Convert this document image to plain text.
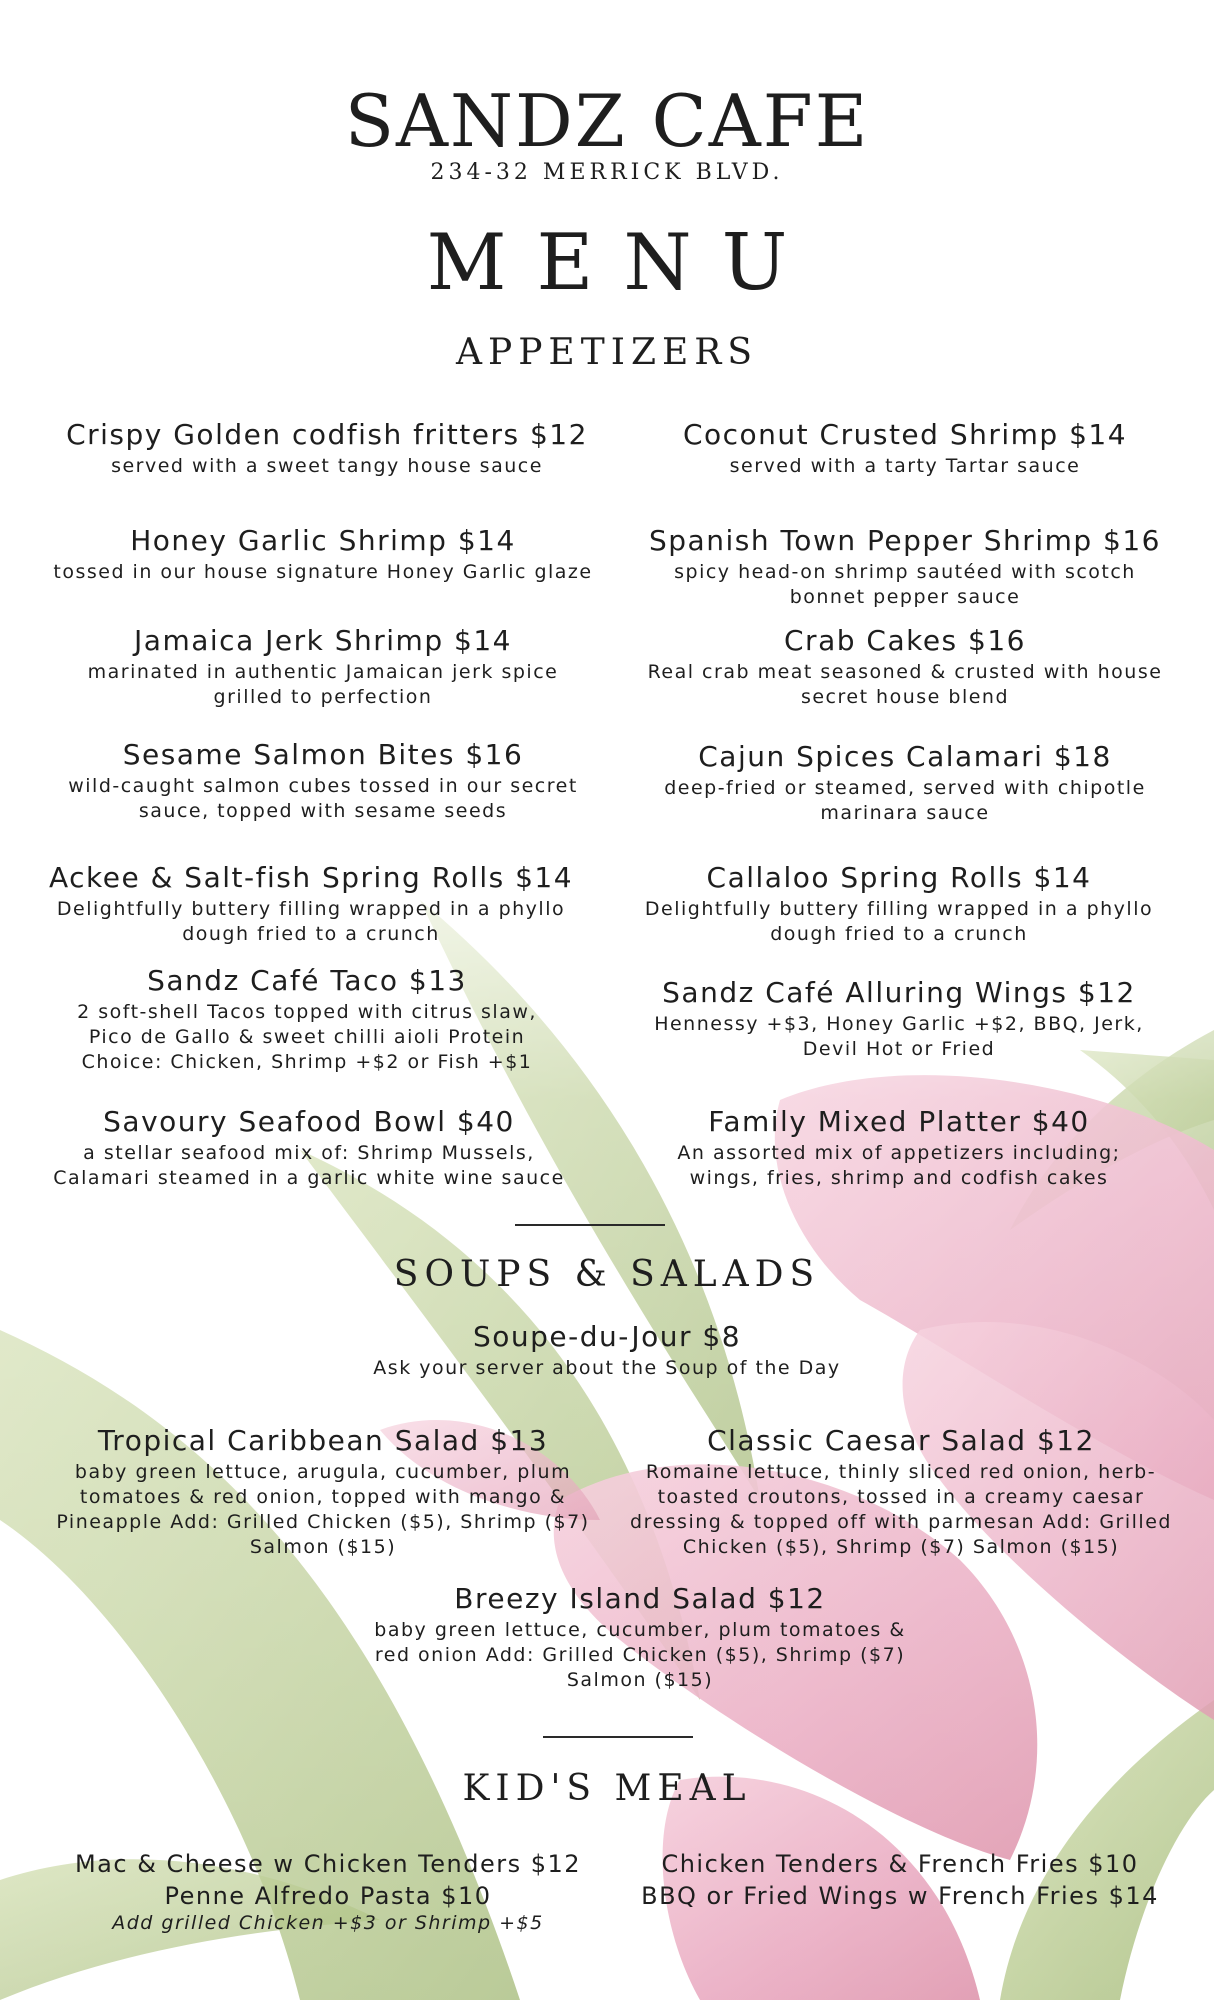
SANDZ CAFE
234-32 MERRICK BLVD.
MENU
APPETIZERS
Crispy Golden codfish fritters $12
served with a sweet tangy house sauce
Coconut Crusted Shrimp $14
served with a tarty Tartar sauce
Honey Garlic Shrimp $14
tossed in our house signature Honey Garlic glaze
Spanish Town Pepper Shrimp $16
spicy head-on shrimp sautéed with scotch bonnet pepper sauce
Jamaica Jerk Shrimp $14
marinated in authentic Jamaican jerk spice grilled to perfection
Crab Cakes $16
Real crab meat seasoned & crusted with house secret house blend
Sesame Salmon Bites $16
wild-caught salmon cubes tossed in our secret sauce, topped with sesame seeds
Cajun Spices Calamari $18
deep-fried or steamed, served with chipotle marinara sauce
Ackee & Salt-fish Spring Rolls $14
Delightfully buttery filling wrapped in a phyllo dough fried to a crunch
Callaloo Spring Rolls $14
Delightfully buttery filling wrapped in a phyllo dough fried to a crunch
Sandz Café Taco $13
2 soft-shell Tacos topped with citrus slaw, Pico de Gallo & sweet chilli aioli Protein Choice: Chicken, Shrimp +$2 or Fish +$1
Sandz Café Alluring Wings $12
Hennessy +$3, Honey Garlic +$2, BBQ, Jerk, Devil Hot or Fried
Savoury Seafood Bowl $40
a stellar seafood mix of: Shrimp Mussels, Calamari steamed in a garlic white wine sauce
Family Mixed Platter $40
An assorted mix of appetizers including; wings, fries, shrimp and codfish cakes
SOUPS & SALADS
Soupe-du-Jour $8
Ask your server about the Soup of the Day
Tropical Caribbean Salad $13
baby green lettuce, arugula, cucumber, plum tomatoes & red onion, topped with mango & Pineapple Add: Grilled Chicken ($5), Shrimp ($7) Salmon ($15)
Classic Caesar Salad $12
Romaine lettuce, thinly sliced red onion, herb-toasted croutons, tossed in a creamy caesar dressing & topped off with parmesan Add: Grilled Chicken ($5), Shrimp ($7) Salmon ($15)
Breezy Island Salad $12
baby green lettuce, cucumber, plum tomatoes & red onion Add: Grilled Chicken ($5), Shrimp ($7) Salmon ($15)
KID'S MEAL
Mac & Cheese w Chicken Tenders $12
Penne Alfredo Pasta $10
Add grilled Chicken +$3 or Shrimp +$5
Chicken Tenders & French Fries $10
BBQ or Fried Wings w French Fries $14
